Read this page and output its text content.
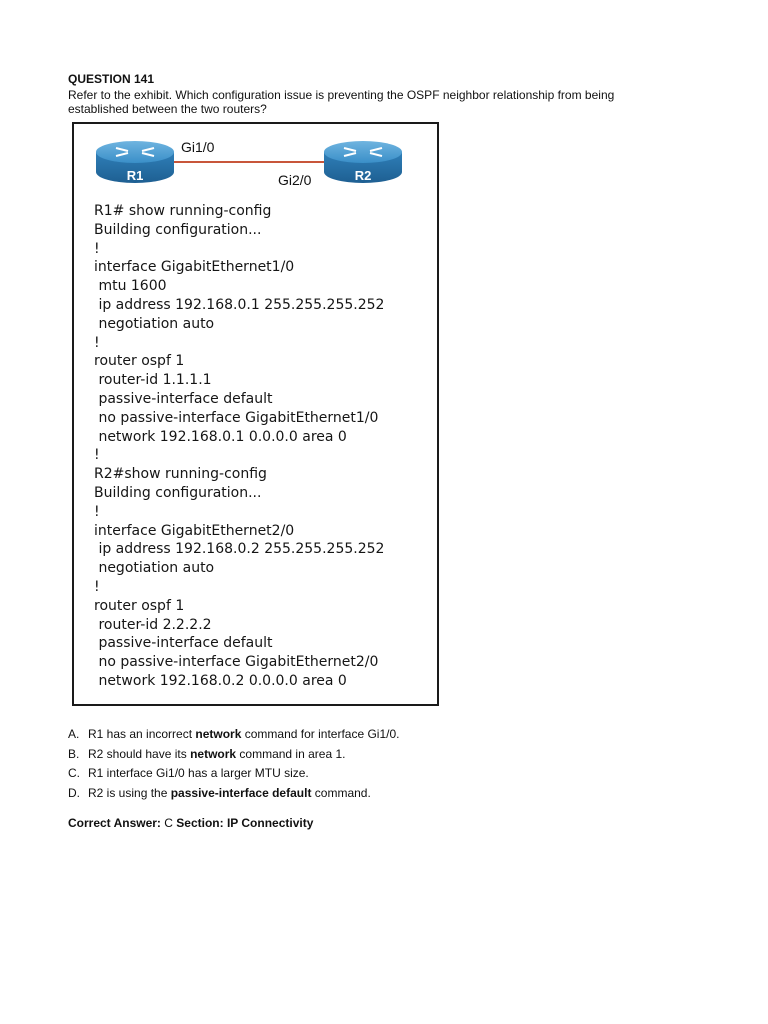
QUESTION 141
Refer to the exhibit. Which configuration issue is preventing the OSPF neighbor relationship from being established between the two routers?
R1	R2
Gi1/0
Gi2/0
R1# show running-config
Building configuration...
!
interface GigabitEthernet1/0
mtu 1600
ip address 192.168.0.1 255.255.255.252
negotiation auto
!
router ospf 1
router-id 1.1.1.1
passive-interface default
no passive-interface GigabitEthernet1/0
network 192.168.0.1 0.0.0.0 area 0
!
R2#show running-config
Building configuration...
!
interface GigabitEthernet2/0
ip address 192.168.0.2 255.255.255.252
negotiation auto
!
router ospf 1
router-id 2.2.2.2
passive-interface default
no passive-interface GigabitEthernet2/0
network 192.168.0.2 0.0.0.0 area 0
A. R1 has an incorrect network command for interface Gi1/0.
B. R2 should have its network command in area 1.
C. R1 interface Gi1/0 has a larger MTU size.
D. R2 is using the passive-interface default command.
Correct Answer: C Section: IP Connectivity
